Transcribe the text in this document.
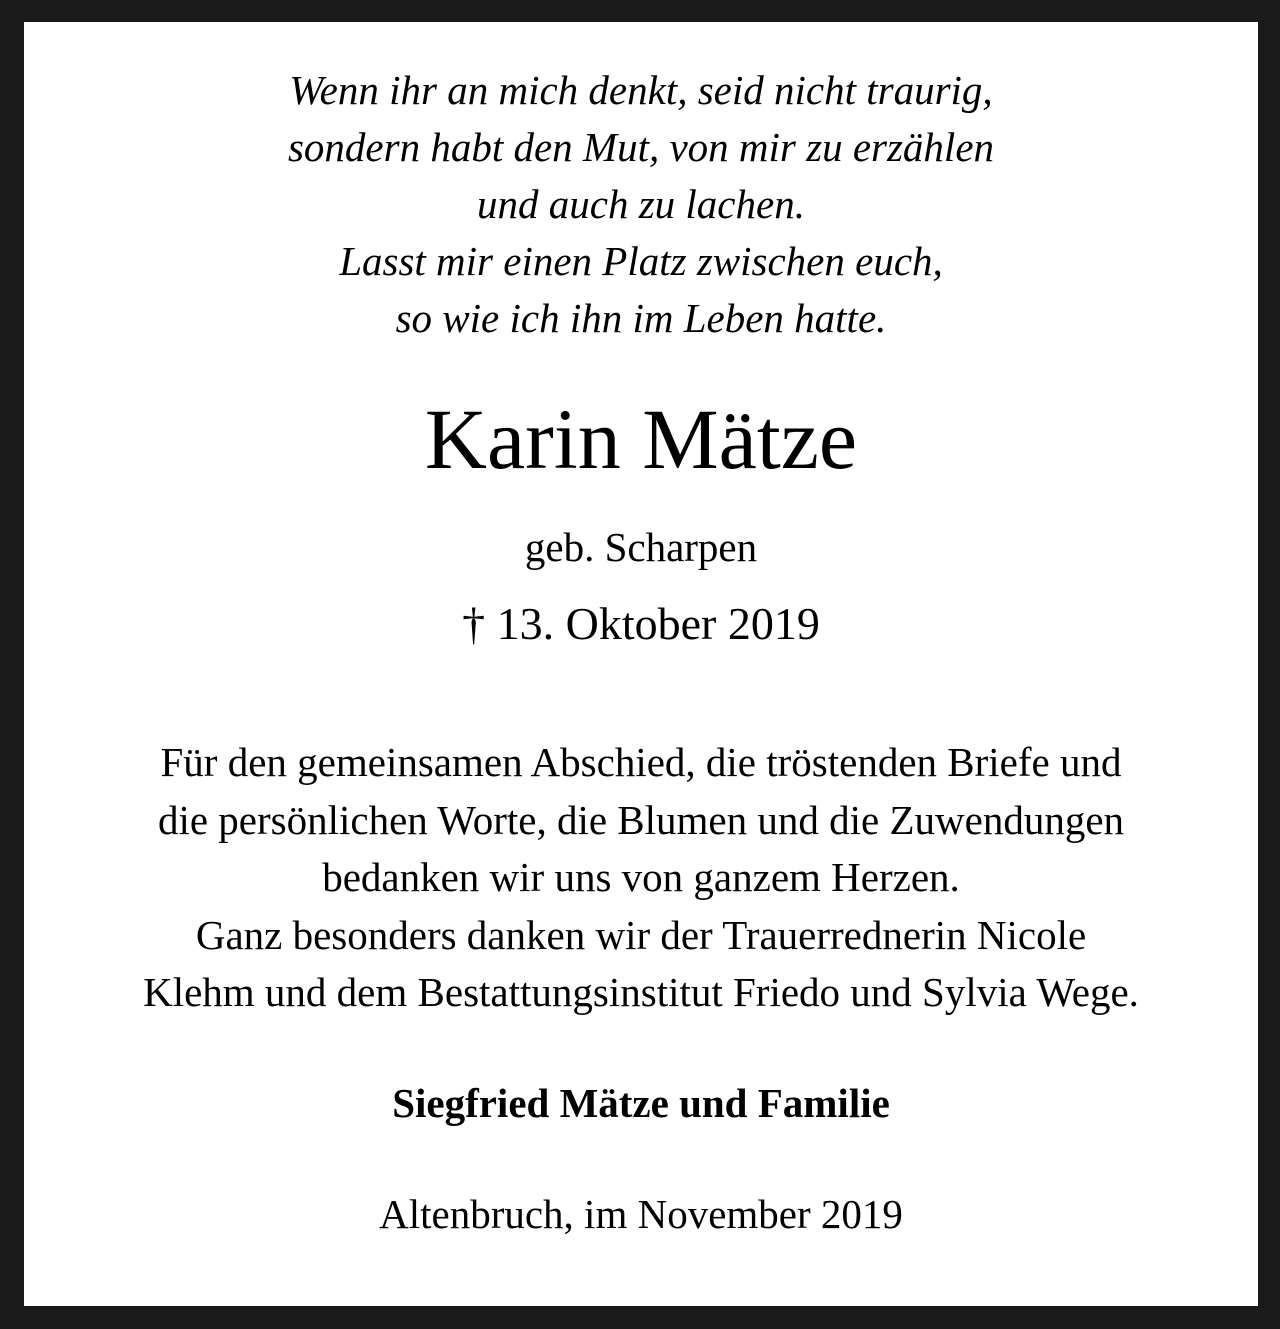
Wenn ihr an mich denkt, seid nicht traurig,
sondern habt den Mut, von mir zu erzählen
und auch zu lachen.
Lasst mir einen Platz zwischen euch,
so wie ich ihn im Leben hatte.
Karin Mätze
geb. Scharpen
† 13. Oktober 2019
Für den gemeinsamen Abschied, die tröstenden Briefe und
die persönlichen Worte, die Blumen und die Zuwendungen
bedanken wir uns von ganzem Herzen.
Ganz besonders danken wir der Trauerrednerin Nicole
Klehm und dem Bestattungsinstitut Friedo und Sylvia Wege.
Siegfried Mätze und Familie
Altenbruch, im November 2019
